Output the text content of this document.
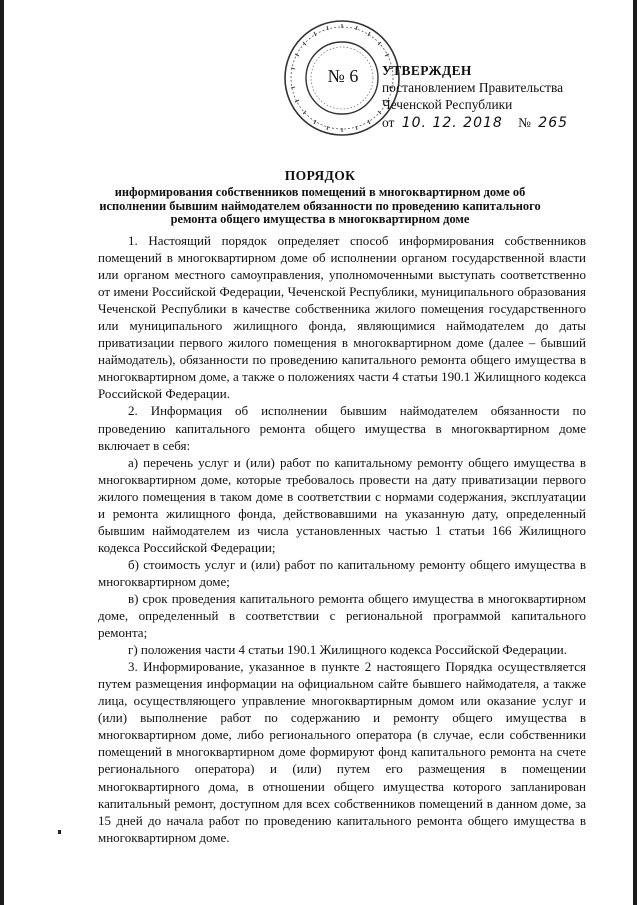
№ 6	УТВЕРЖДЕН
постановлением Правительства
Чеченской Республики
от 10. 12. 2018 № 265
ПОРЯДОК
информирования собственников помещений в многоквартирном доме об исполнении бывшим наймодателем обязанности по проведению капитального ремонта общего имущества в многоквартирном доме

1. Настоящий порядок определяет способ информирования собственников помещений в многоквартирном доме об исполнении органом государственной власти или органом местного самоуправления, уполномоченными выступать соответственно от имени Российской Федерации, Чеченской Республики, муниципального образования Чеченской Республики в качестве собственника жилого помещения государственного или муниципального жилищного фонда, являющимися наймодателем до даты приватизации первого жилого помещения в многоквартирном доме (далее – бывший наймодатель), обязанности по проведению капитального ремонта общего имущества в многоквартирном доме, а также о положениях части 4 статьи 190.1 Жилищного кодекса Российской Федерации.

2. Информация об исполнении бывшим наймодателем обязанности по проведению капитального ремонта общего имущества в многоквартирном доме включает в себя:

а) перечень услуг и (или) работ по капитальному ремонту общего имущества в многоквартирном доме, которые требовалось провести на дату приватизации первого жилого помещения в таком доме в соответствии с нормами содержания, эксплуатации и ремонта жилищного фонда, действовавшими на указанную дату, определенный бывшим наймодателем из числа установленных частью 1 статьи 166 Жилищного кодекса Российской Федерации;

б) стоимость услуг и (или) работ по капитальному ремонту общего имущества в многоквартирном доме;

в) срок проведения капитального ремонта общего имущества в многоквартирном доме, определенный в соответствии с региональной программой капитального ремонта;

г) положения части 4 статьи 190.1 Жилищного кодекса Российской Федерации.

3. Информирование, указанное в пункте 2 настоящего Порядка осуществляется путем размещения информации на официальном сайте бывшего наймодателя, а также лица, осуществляющего управление многоквартирным домом или оказание услуг и (или) выполнение работ по содержанию и ремонту общего имущества в многоквартирном доме, либо регионального оператора (в случае, если собственники помещений в многоквартирном доме формируют фонд капитального ремонта на счете регионального оператора) и (или) путем его размещения в помещении многоквартирного дома, в отношении общего имущества которого запланирован капитальный ремонт, доступном для всех собственников помещений в данном доме, за 15 дней до начала работ по проведению капитального ремонта общего имущества в многоквартирном доме.
